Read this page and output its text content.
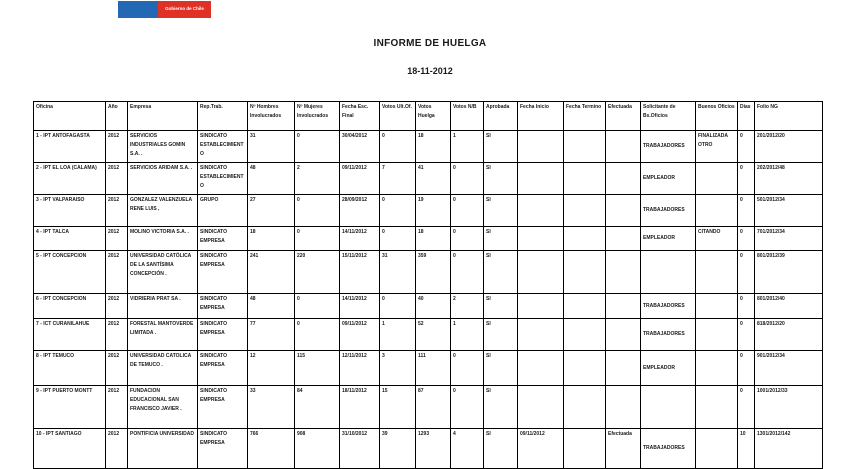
Gobierno de Chile
INFORME DE HUELGA
18-11-2012
Oficina	Año	Empresa	Rep.Trab.	Nº Hombres Involucrados	Nº Mujeres Involucrados	Fecha Esc. Final	Votos Ult.Of.	Votos Huelga	Votos N/B	Aprobada	Fecha Inicio	Fecha Termino	Efectuada	Solicitante de Bs.Oficios	Buenos Oficios	Días	Folio NG
1 - IPT ANTOFAGASTA	2012	SERVICIOS INDUSTRIALES GOMIN S.A. .	SINDICATO ESTABLECIMIENTO	31	0	30/04/2012	0	18	1	SI				TRABAJADORES	FINALIZADA OTRO	0	201/2012/20
2 - IPT EL LOA (CALAMA)	2012	SERVICIOS ARIDAM S.A. .	SINDICATO ESTABLECIMIENTO	48	2	09/11/2012	7	41	0	SI				EMPLEADOR		0	202/2012/48
3 - IPT VALPARAISO	2012	GONZALEZ VALENZUELA RENE LUIS ,	GRUPO	27	0	28/09/2012	0	19	0	SI				TRABAJADORES		0	501/2012/34
4 - IPT TALCA	2012	MOLINO VICTORIA S.A. .	SINDICATO EMPRESA	18	0	14/11/2012	0	18	0	SI				EMPLEADOR	CITANDO	0	701/2012/34
5 - IPT CONCEPCION	2012	UNIVERSIDAD CATÓLICA DE LA SANTÍSIMA CONCEPCIÓN .	SINDICATO EMPRESA	241	220	15/11/2012	31	359	0	SI						0	801/2012/39
6 - IPT CONCEPCION	2012	VIDRIERIA PRAT SA .	SINDICATO EMPRESA	48	0	14/11/2012	0	40	2	SI				TRABAJADORES		0	801/2012/40
7 - ICT CURANILAHUE	2012	FORESTAL MANTOVERDE LIMITADA .	SINDICATO EMPRESA	77	0	09/11/2012	1	52	1	SI				TRABAJADORES		0	818/2012/20
8 - IPT TEMUCO	2012	UNIVERSIDAD CATOLICA DE TEMUCO .	SINDICATO EMPRESA	12	115	12/11/2012	3	111	0	SI				EMPLEADOR		0	901/2012/34
9 - IPT PUERTO MONTT	2012	FUNDACION EDUCACIONAL SAN FRANCISCO JAVIER .	SINDICATO EMPRESA	33	84	18/11/2012	15	87	0	SI						0	1001/2012/33
10 - IPT SANTIAGO	2012	PONTIFICIA UNIVERSIDAD	SINDICATO EMPRESA	766	908	31/10/2012	39	1293	4	SI	09/11/2012		Efectuada	TRABAJADORES		10	1301/2012/142
